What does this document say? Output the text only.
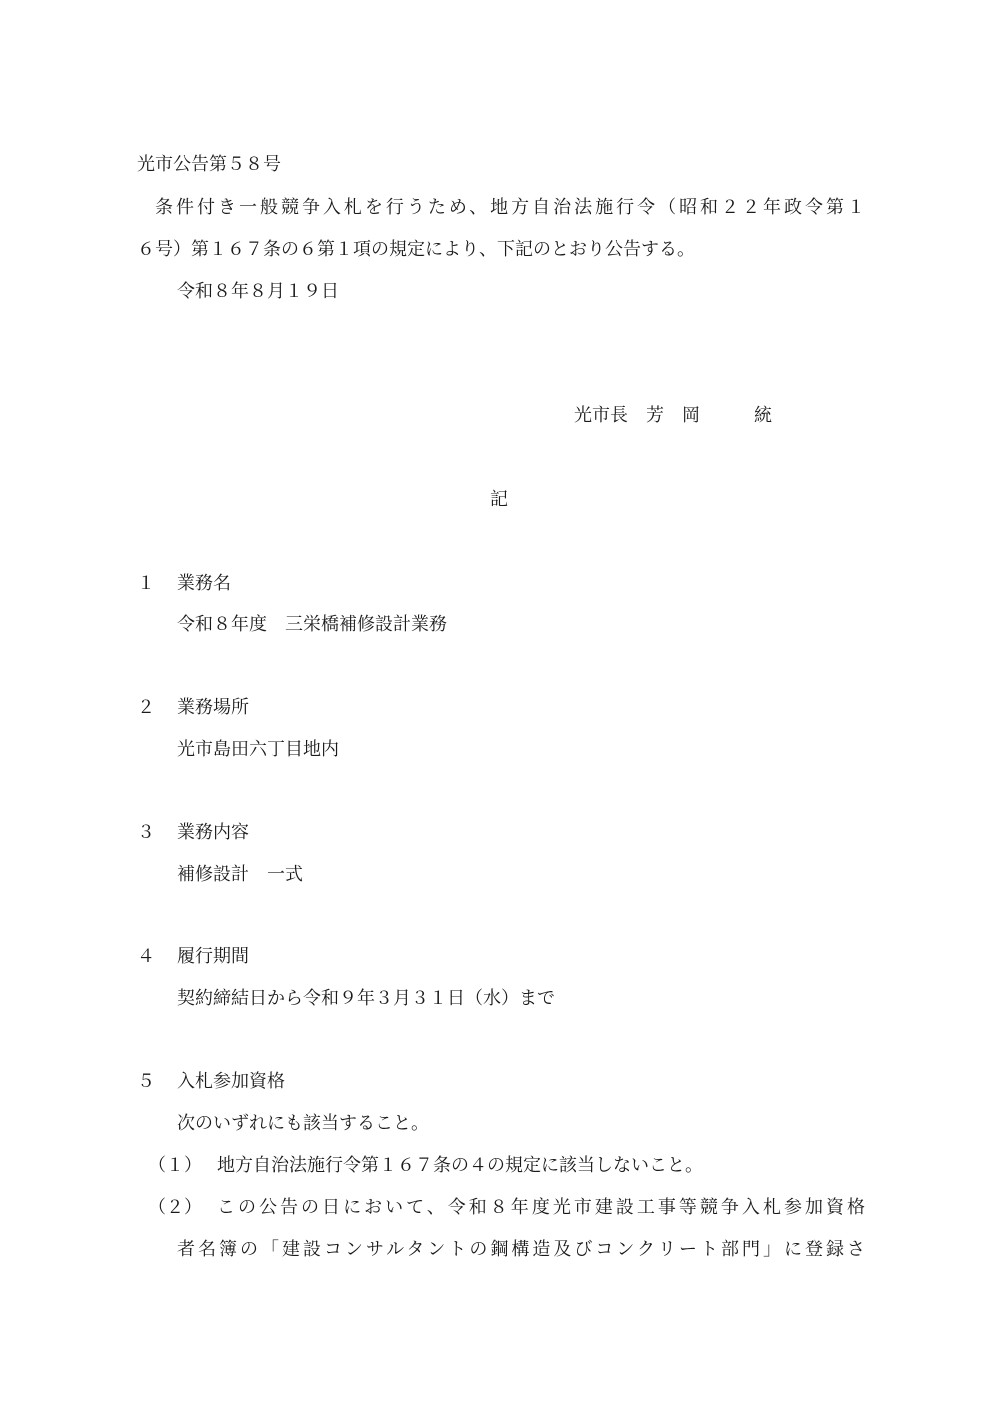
光市公告第５８号
条件付き一般競争入札を行うため、地方自治法施行令（昭和２２年政令第１
６号）第１６７条の６第１項の規定により、下記のとおり公告する。
令和８年８月１９日
光市長　芳　岡　　　統
記
１ 業務名
令和８年度　三栄橋補修設計業務
２ 業務場所
光市島田六丁目地内
３ 業務内容
補修設計　一式
４ 履行期間
契約締結日から令和９年３月３１日（水）まで
５ 入札参加資格
次のいずれにも該当すること。
（１） 地方自治法施行令第１６７条の４の規定に該当しないこと。
（２） この公告の日において、令和８年度光市建設工事等競争入札参加資格
者名簿の「建設コンサルタントの鋼構造及びコンクリート部門」に登録さ
